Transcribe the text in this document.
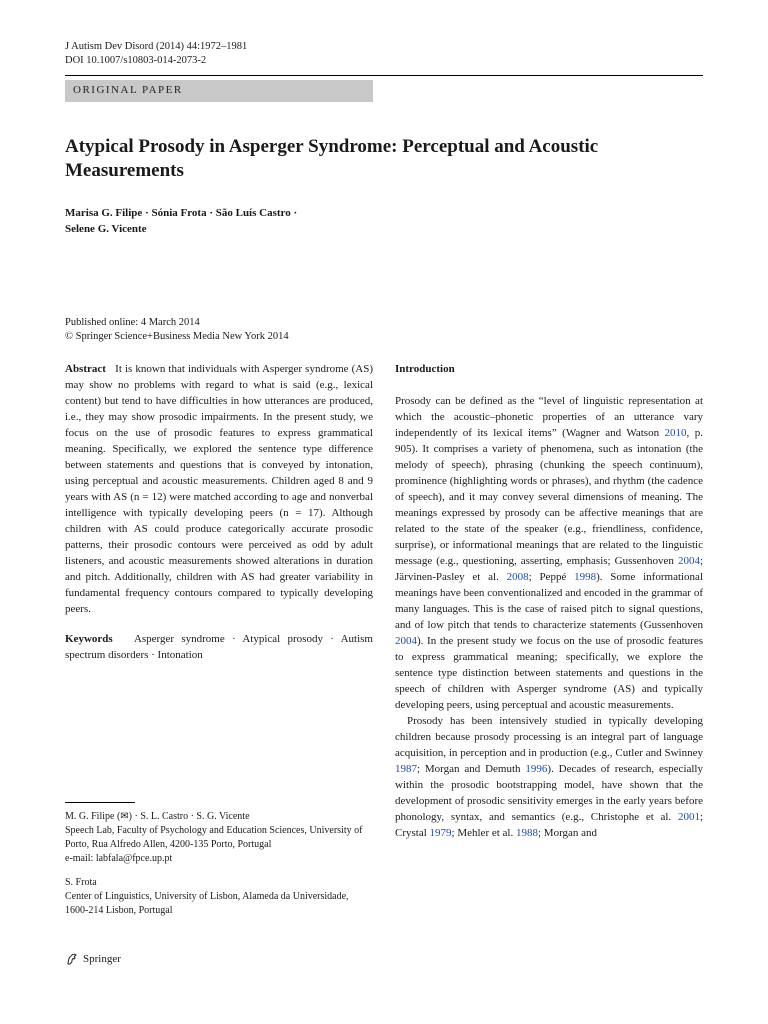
J Autism Dev Disord (2014) 44:1972–1981
DOI 10.1007/s10803-014-2073-2
ORIGINAL PAPER
Atypical Prosody in Asperger Syndrome: Perceptual and Acoustic Measurements
Marisa G. Filipe · Sónia Frota · São Luís Castro ·
Selene G. Vicente
Published online: 4 March 2014
© Springer Science+Business Media New York 2014

Abstract It is known that individuals with Asperger syndrome (AS) may show no problems with regard to what is said (e.g., lexical content) but tend to have difficulties in how utterances are produced, i.e., they may show prosodic impairments. In the present study, we focus on the use of prosodic features to express grammatical meaning. Specifically, we explored the sentence type difference between statements and questions that is conveyed by intonation, using perceptual and acoustic measurements. Children aged 8 and 9 years with AS (n = 12) were matched according to age and nonverbal intelligence with typically developing peers (n = 17). Although children with AS could produce categorically accurate prosodic patterns, their prosodic contours were perceived as odd by adult listeners, and acoustic measurements showed alterations in duration and pitch. Additionally, children with AS had greater variability in fundamental frequency contours compared to typically developing peers.

Keywords Asperger syndrome · Atypical prosody · Autism spectrum disorders · Intonation

M. G. Filipe (✉) · S. L. Castro · S. G. Vicente

Speech Lab, Faculty of Psychology and Education Sciences, University of Porto, Rua Alfredo Allen, 4200-135 Porto, Portugal

e-mail: labfala@fpce.up.pt

S. Frota

Center of Linguistics, University of Lisbon, Alameda da Universidade, 1600-214 Lisbon, Portugal

Introduction

Prosody can be defined as the “level of linguistic representation at which the acoustic–phonetic properties of an utterance vary independently of its lexical items” (Wagner and Watson 2010, p. 905). It comprises a variety of phenomena, such as intonation (the melody of speech), phrasing (chunking the speech continuum), prominence (highlighting words or phrases), and rhythm (the cadence of speech), and it may convey several dimensions of meaning. The meanings expressed by prosody can be affective meanings that are related to the state of the speaker (e.g., friendliness, confidence, surprise), or informational meanings that are related to the linguistic message (e.g., questioning, asserting, emphasis; Gussenhoven 2004; Järvinen-Pasley et al. 2008; Peppé 1998). Some informational meanings have been conventionalized and encoded in the grammar of many languages. This is the case of raised pitch to signal questions, and of low pitch that tends to characterize statements (Gussenhoven 2004). In the present study we focus on the use of prosodic features to express grammatical meaning; specifically, we explore the sentence type distinction between statements and questions in the speech of children with Asperger syndrome (AS) and typically developing peers, using perceptual and acoustic measurements.

Prosody has been intensively studied in typically developing children because prosody processing is an integral part of language acquisition, in perception and in production (e.g., Cutler and Swinney 1987; Morgan and Demuth 1996). Decades of research, especially within the prosodic bootstrapping model, have shown that the development of prosodic sensitivity emerges in the early years before phonology, syntax, and semantics (e.g., Christophe et al. 2001; Crystal 1979; Mehler et al. 1988; Morgan and

Springer
